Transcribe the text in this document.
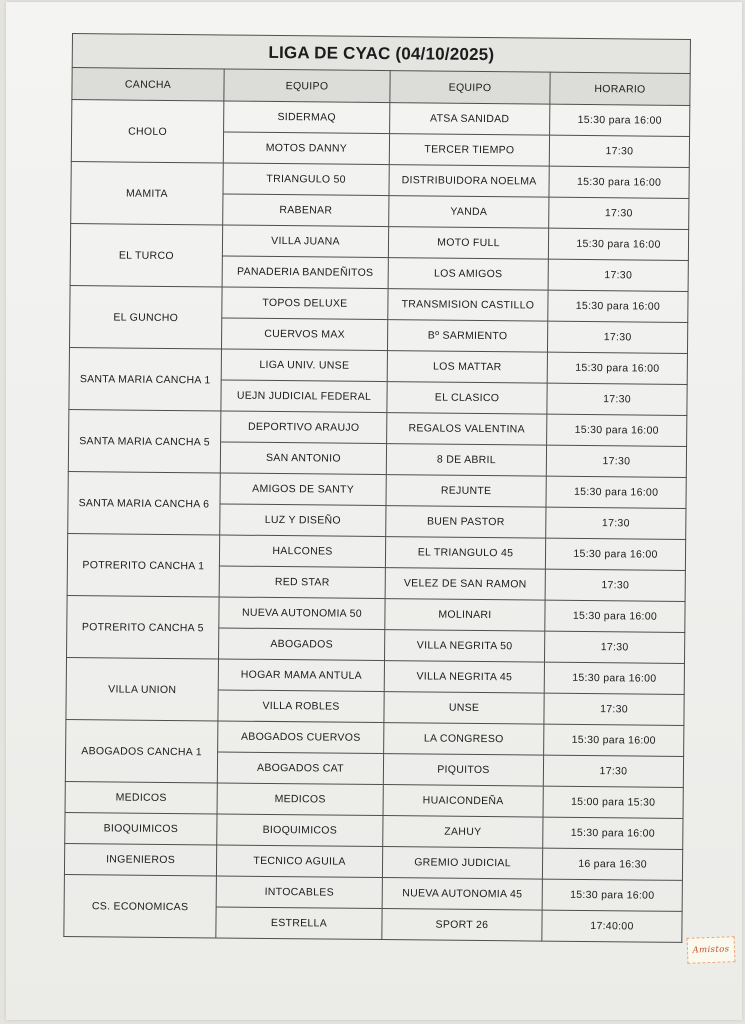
LIGA DE CYAC (04/10/2025)			
CANCHA	EQUIPO	EQUIPO	HORARIO
CHOLO	SIDERMAQ	ATSA SANIDAD	15:30 para 16:00
	MOTOS DANNY	TERCER TIEMPO	17:30
MAMITA	TRIANGULO 50	DISTRIBUIDORA NOELMA	15:30 para 16:00
	RABENAR	YANDA	17:30
EL TURCO	VILLA JUANA	MOTO FULL	15:30 para 16:00
	PANADERIA BANDEÑITOS	LOS AMIGOS	17:30
EL GUNCHO	TOPOS DELUXE	TRANSMISION CASTILLO	15:30 para 16:00
	CUERVOS MAX	Bº SARMIENTO	17:30
SANTA MARIA CANCHA 1	LIGA UNIV. UNSE	LOS MATTAR	15:30 para 16:00
	UEJN JUDICIAL FEDERAL	EL CLASICO	17:30
SANTA MARIA CANCHA 5	DEPORTIVO ARAUJO	REGALOS VALENTINA	15:30 para 16:00
	SAN ANTONIO	8 DE ABRIL	17:30
SANTA MARIA CANCHA 6	AMIGOS DE SANTY	REJUNTE	15:30 para 16:00
	LUZ Y DISEÑO	BUEN PASTOR	17:30
POTRERITO CANCHA 1	HALCONES	EL TRIANGULO 45	15:30 para 16:00
	RED STAR	VELEZ DE SAN RAMON	17:30
POTRERITO CANCHA 5	NUEVA AUTONOMIA 50	MOLINARI	15:30 para 16:00
	ABOGADOS	VILLA NEGRITA 50	17:30
VILLA UNION	HOGAR MAMA ANTULA	VILLA NEGRITA 45	15:30 para 16:00
	VILLA ROBLES	UNSE	17:30
ABOGADOS CANCHA 1	ABOGADOS CUERVOS	LA CONGRESO	15:30 para 16:00
	ABOGADOS CAT	PIQUITOS	17:30
MEDICOS	MEDICOS	HUAICONDEÑA	15:00 para 15:30
BIOQUIMICOS	BIOQUIMICOS	ZAHUY	15:30 para 16:00
INGENIEROS	TECNICO AGUILA	GREMIO JUDICIAL	16 para 16:30
CS. ECONOMICAS	INTOCABLES	NUEVA AUTONOMIA 45	15:30 para 16:00
	ESTRELLA	SPORT 26	17:40:00
Amistos
